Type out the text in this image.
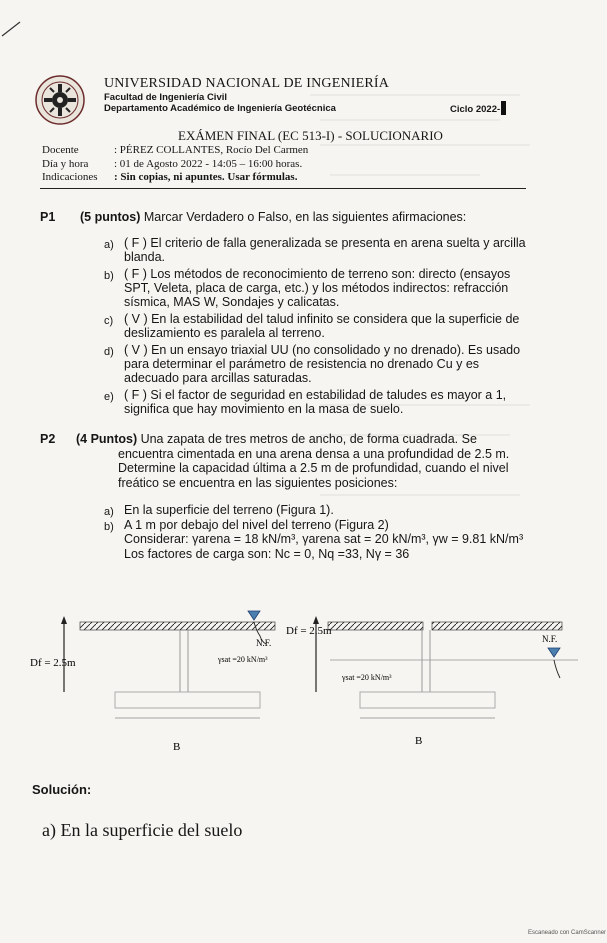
UNIVERSIDAD NACIONAL DE INGENIERÍA
Facultad de Ingeniería Civil
Departamento Académico de Ingeniería Geotécnica	Ciclo 2022-
EXÁMEN FINAL (EC 513-I) - SOLUCIONARIO
Docente	: PÉREZ COLLANTES, Rocío Del Carmen
Día y hora	: 01 de Agosto 2022 - 14:05 – 16:00 horas.
Indicaciones	: Sin copias, ni apuntes. Usar fórmulas.
P1 (5 puntos) Marcar Verdadero o Falso, en las siguientes afirmaciones:
a) ( F ) El criterio de falla generalizada se presenta en arena suelta y arcilla blanda.
b) ( F ) Los métodos de reconocimiento de terreno son: directo (ensayos SPT, Veleta, placa de carga, etc.) y los métodos indirectos: refracción sísmica, MAS W, Sondajes y calicatas.
c) ( V ) En la estabilidad del talud infinito se considera que la superficie de deslizamiento es paralela al terreno.
d) ( V ) En un ensayo triaxial UU (no consolidado y no drenado). Es usado para determinar el parámetro de resistencia no drenado Cu y es adecuado para arcillas saturadas.
e) ( F ) Si el factor de seguridad en estabilidad de taludes es mayor a 1, significa que hay movimiento en la masa de suelo.
P2 (4 Puntos) Una zapata de tres metros de ancho, de forma cuadrada. Se
encuentra cimentada en una arena densa a una profundidad de 2.5 m.
Determine la capacidad última a 2.5 m de profundidad, cuando el nivel
freático se encuentra en las siguientes posiciones:
a) En la superficie del terreno (Figura 1).
b) A 1 m por debajo del nivel del terreno (Figura 2)
Considerar: γarena = 18 kN/m³, γarena sat = 20 kN/m³, γw = 9.81 kN/m³
Los factores de carga son: Nc = 0, Nq =33, Nγ = 36
Df = 2.5m
B
N.F.
γsat =20 kN/m³
Df = 2.5m
B
N.F.
γsat =20 kN/m³
Solución:
a) En la superficie del suelo
Escaneado con CamScanner
